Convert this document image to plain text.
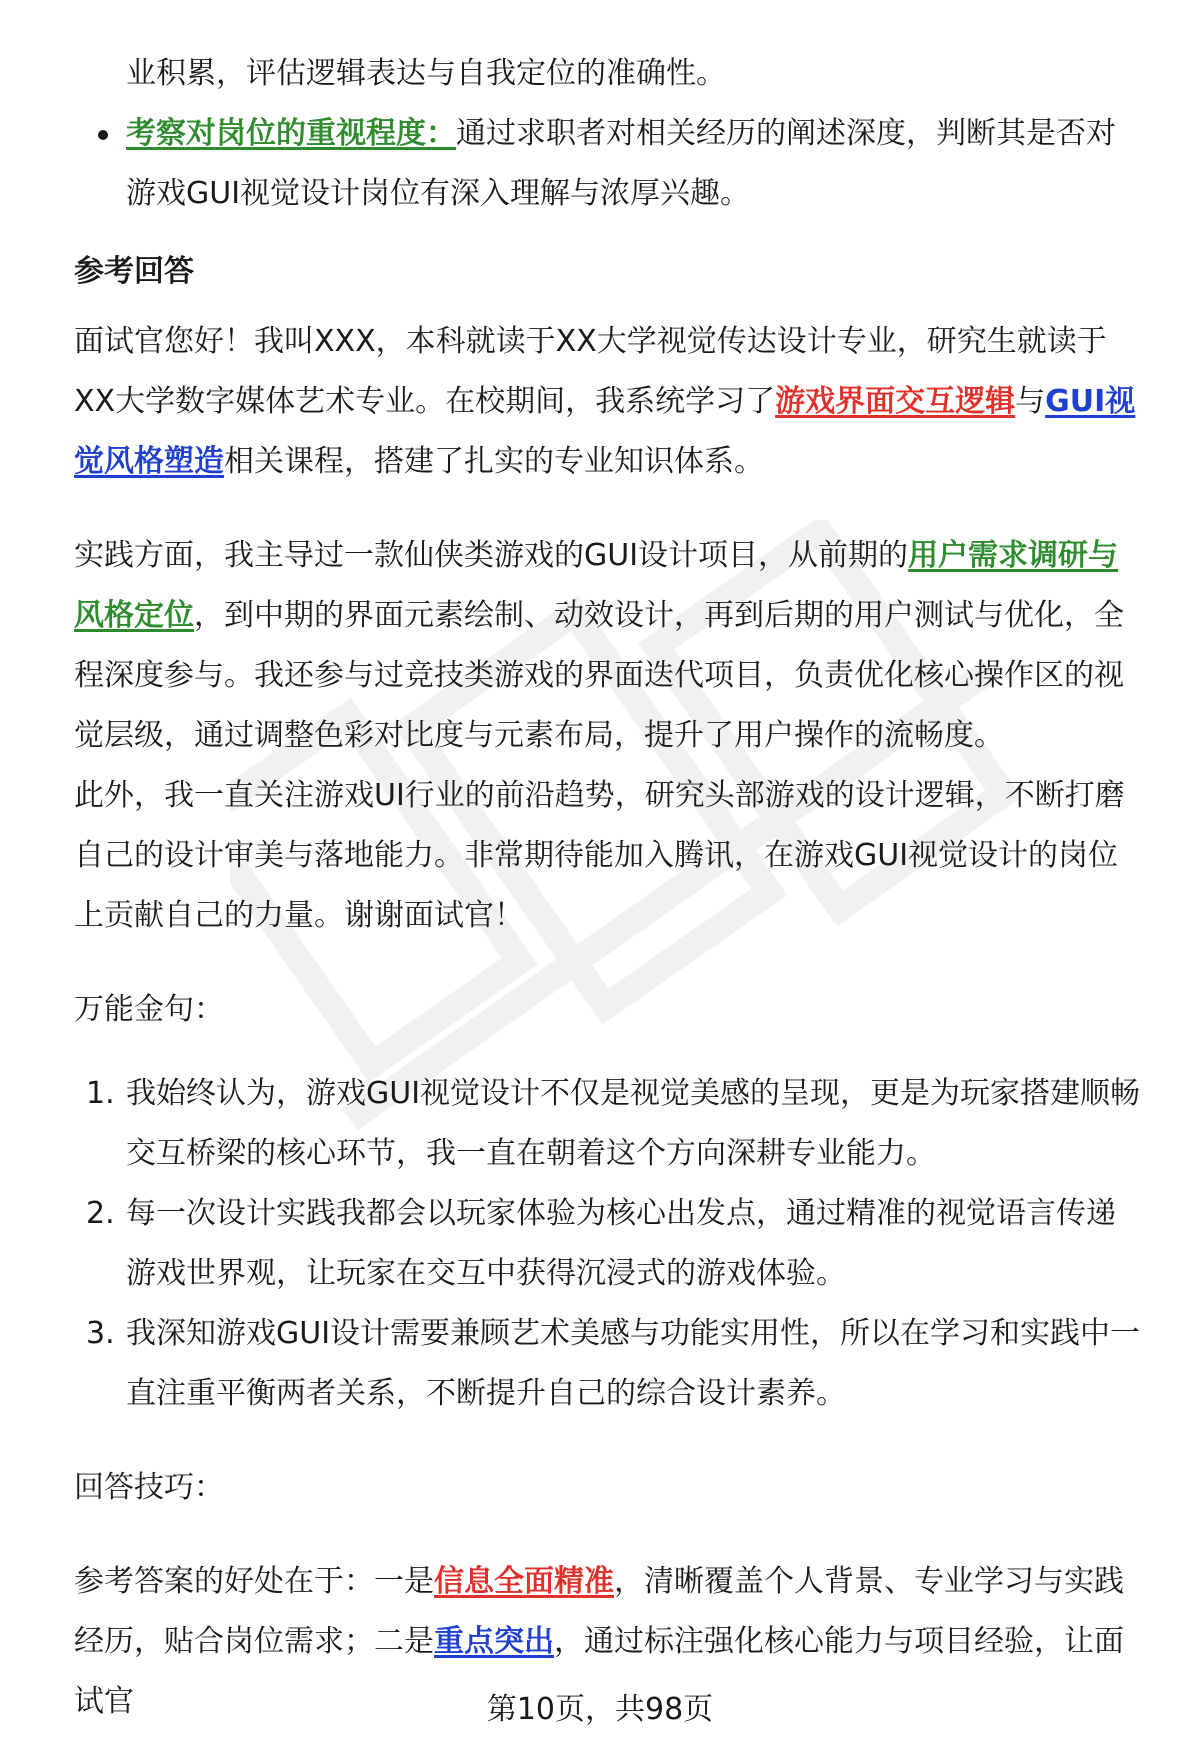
业积累，评估逻辑表达与自我定位的准确性。

考察对岗位的重视程度：通过求职者对相关经历的阐述深度，判断其是否对游戏GUI视觉设计岗位有深入理解与浓厚兴趣。

参考回答

面试官您好！我叫XXX，本科就读于XX大学视觉传达设计专业，研究生就读于XX大学数字媒体艺术专业。在校期间，我系统学习了游戏界面交互逻辑与GUI视觉风格塑造相关课程，搭建了扎实的专业知识体系。

实践方面，我主导过一款仙侠类游戏的GUI设计项目，从前期的用户需求调研与风格定位，到中期的界面元素绘制、动效设计，再到后期的用户测试与优化，全程深度参与。我还参与过竞技类游戏的界面迭代项目，负责优化核心操作区的视觉层级，通过调整色彩对比度与元素布局，提升了用户操作的流畅度。

此外，我一直关注游戏UI行业的前沿趋势，研究头部游戏的设计逻辑，不断打磨自己的设计审美与落地能力。非常期待能加入腾讯，在游戏GUI视觉设计的岗位上贡献自己的力量。谢谢面试官！

万能金句：

1. 我始终认为，游戏GUI视觉设计不仅是视觉美感的呈现，更是为玩家搭建顺畅交互桥梁的核心环节，我一直在朝着这个方向深耕专业能力。
2. 每一次设计实践我都会以玩家体验为核心出发点，通过精准的视觉语言传递游戏世界观，让玩家在交互中获得沉浸式的游戏体验。
3. 我深知游戏GUI设计需要兼顾艺术美感与功能实用性，所以在学习和实践中一直注重平衡两者关系，不断提升自己的综合设计素养。

回答技巧：

参考答案的好处在于：一是信息全面精准，清晰覆盖个人背景、专业学习与实践经历，贴合岗位需求；二是重点突出，通过标注强化核心能力与项目经验，让面试官	第10页，共98页
